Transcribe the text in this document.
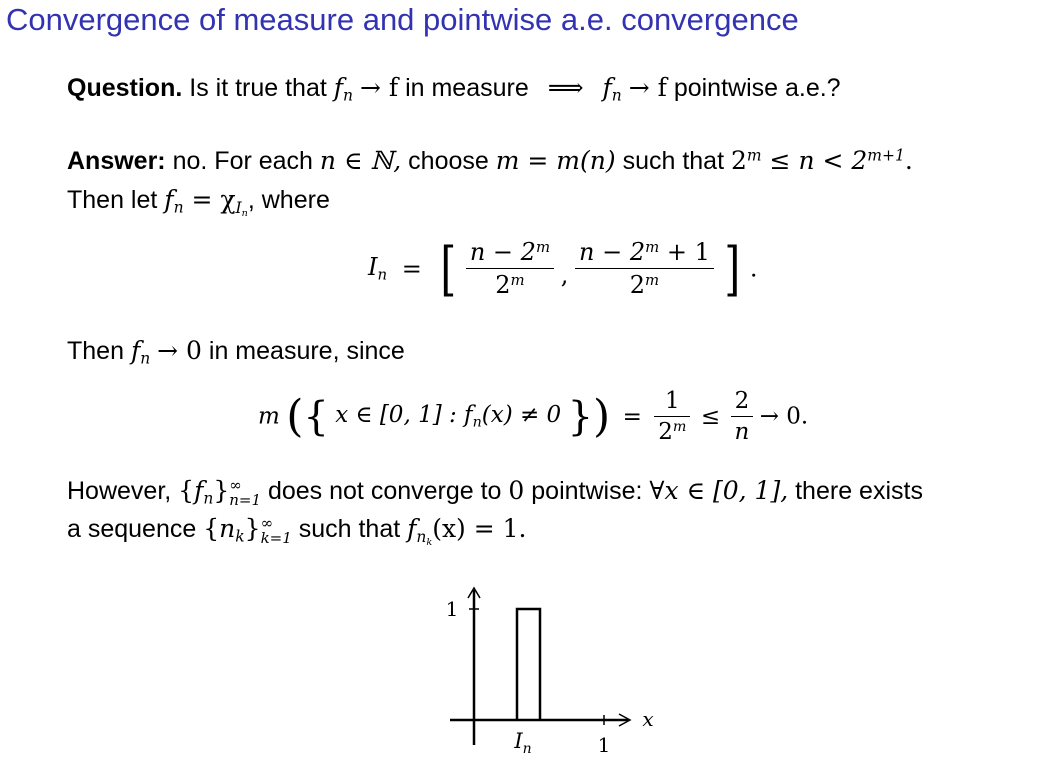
Convergence of measure and pointwise a.e. convergence
Question. Is it true that $f_n \to f$ in measure ⟹ $f_n \to f$ pointwise a.e.?
Answer: no. For each n ∈ ℕ, choose m = m(n) such that $2^m \le n < 2^{m+1}$.
Then let $f_n = \chi_{I_n}$, where
$I_n$ = [ $\frac{n - 2^m}{2^m}$ , $\frac{n - 2^m + 1}{2^m}$ ] .
Then $f_n \to 0$ in measure, since
m ({ x ∈ [0, 1] : $f_n(x) \ne 0$ }) = $\frac{1}{2^m} \le \frac{2}{n} \to 0$.
However, $\{f_n\}$ ∞
n=1 does not converge to 0 pointwise: ∀x ∈ [0, 1], there exists
a sequence $\{n_k\}$ ∞
k=1 such that $f_{n_k}(x) = 1$.
1
x
1
$I_n$
